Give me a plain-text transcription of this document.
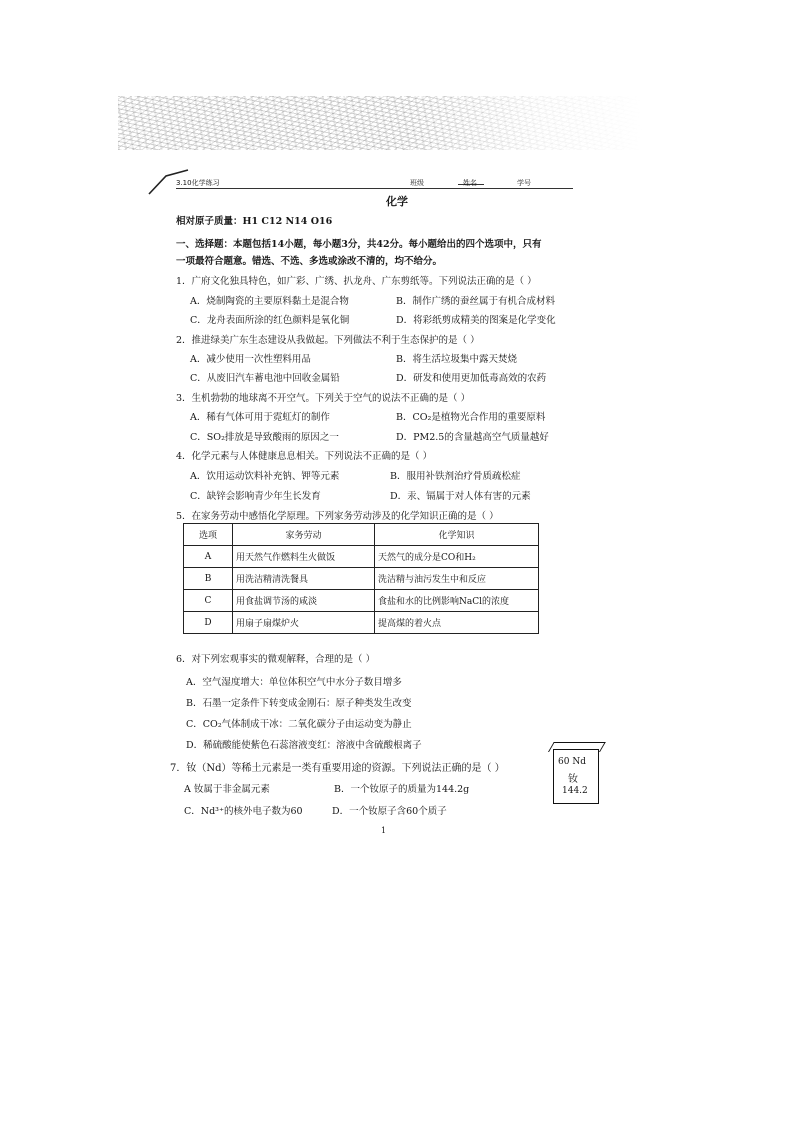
3.10化学练习	班级	姓名	学号
化学
相对原子质量：H1 C12 N14 O16
一、选择题：本题包括14小题，每小题3分，共42分。每小题给出的四个选项中，只有
一项最符合题意。错选、不选、多选或涂改不清的，均不给分。
1．广府文化独具特色，如广彩、广绣、扒龙舟、广东剪纸等。下列说法正确的是（ ）
A．烧制陶瓷的主要原料黏土是混合物	B．制作广绣的蚕丝属于有机合成材料
C．龙舟表面所涂的红色颜料是氧化铜	D．将彩纸剪成精美的图案是化学变化
2．推进绿美广东生态建设从我做起。下列做法不利于生态保护的是（ ）
A．减少使用一次性塑料用品	B．将生活垃圾集中露天焚烧
C．从废旧汽车蓄电池中回收金属铅	D．研发和使用更加低毒高效的农药
3．生机勃勃的地球离不开空气。下列关于空气的说法不正确的是（ ）
A．稀有气体可用于霓虹灯的制作	B．CO₂是植物光合作用的重要原料
C．SO₂排放是导致酸雨的原因之一	D．PM2.5的含量越高空气质量越好
4．化学元素与人体健康息息相关。下列说法不正确的是（ ）
A．饮用运动饮料补充钠、钾等元素	B．服用补铁剂治疗骨质疏松症
C．缺锌会影响青少年生长发育	D．汞、镉属于对人体有害的元素
5．在家务劳动中感悟化学原理。下列家务劳动涉及的化学知识正确的是（ ）
选项	家务劳动	化学知识
A	用天然气作燃料生火做饭	天然气的成分是CO和H₂
B	用洗洁精清洗餐具	洗洁精与油污发生中和反应
C	用食盐调节汤的咸淡	食盐和水的比例影响NaCl的浓度
D	用扇子扇煤炉火	提高煤的着火点
6．对下列宏观事实的微观解释，合理的是（ ）
A．空气湿度增大：单位体积空气中水分子数目增多
B．石墨一定条件下转变成金刚石：原子种类发生改变
C．CO₂气体制成干冰：二氧化碳分子由运动变为静止
D．稀硫酸能使紫色石蕊溶液变红：溶液中含硫酸根离子
7．钕（Nd）等稀土元素是一类有重要用途的资源。下列说法正确的是（ ）
A 钕属于非金属元素	B．一个钕原子的质量为144.2g
C．Nd³⁺的核外电子数为60	D．一个钕原子含60个质子
60 Nd
钕
144.2
1
